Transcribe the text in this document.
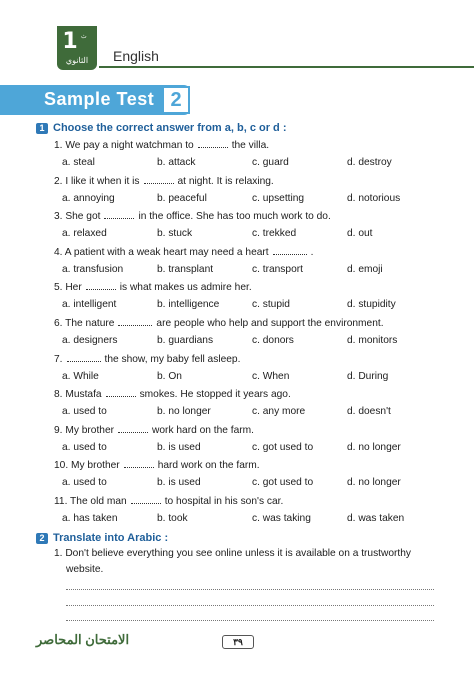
1 ث
الثانوي	English
Sample Test 2
1 Choose the correct answer from a, b, c or d :
1. We pay a night watchman to	the villa.
a. steal	b. attack	c. guard	d. destroy
2. I like it when it is	at night. It is relaxing.
a. annoying	b. peaceful	c. upsetting	d. notorious
3. She got	in the office. She has too much work to do.
a. relaxed	b. stuck	c. trekked	d. out
4. A patient with a weak heart may need a heart	.
a. transfusion	b. transplant	c. transport	d. emoji
5. Her	is what makes us admire her.
a. intelligent	b. intelligence	c. stupid	d. stupidity
6. The nature	are people who help and support the environment.
a. designers	b. guardians	c. donors	d. monitors
7.	the show, my baby fell asleep.
a. While	b. On	c. When	d. During
8. Mustafa	smokes. He stopped it years ago.
a. used to	b. no longer	c. any more	d. doesn't
9. My brother	work hard on the farm.
a. used to	b. is used	c. got used to	d. no longer
10. My brother	hard work on the farm.
a. used to	b. is used	c. got used to	d. no longer
11. The old man	to hospital in his son's car.
a. has taken	b. took	c. was taking	d. was taken
2 Translate into Arabic :
1. Don't believe everything you see online unless it is available on a trustworthy
website.
الامتحان المحاصر	٣٩
